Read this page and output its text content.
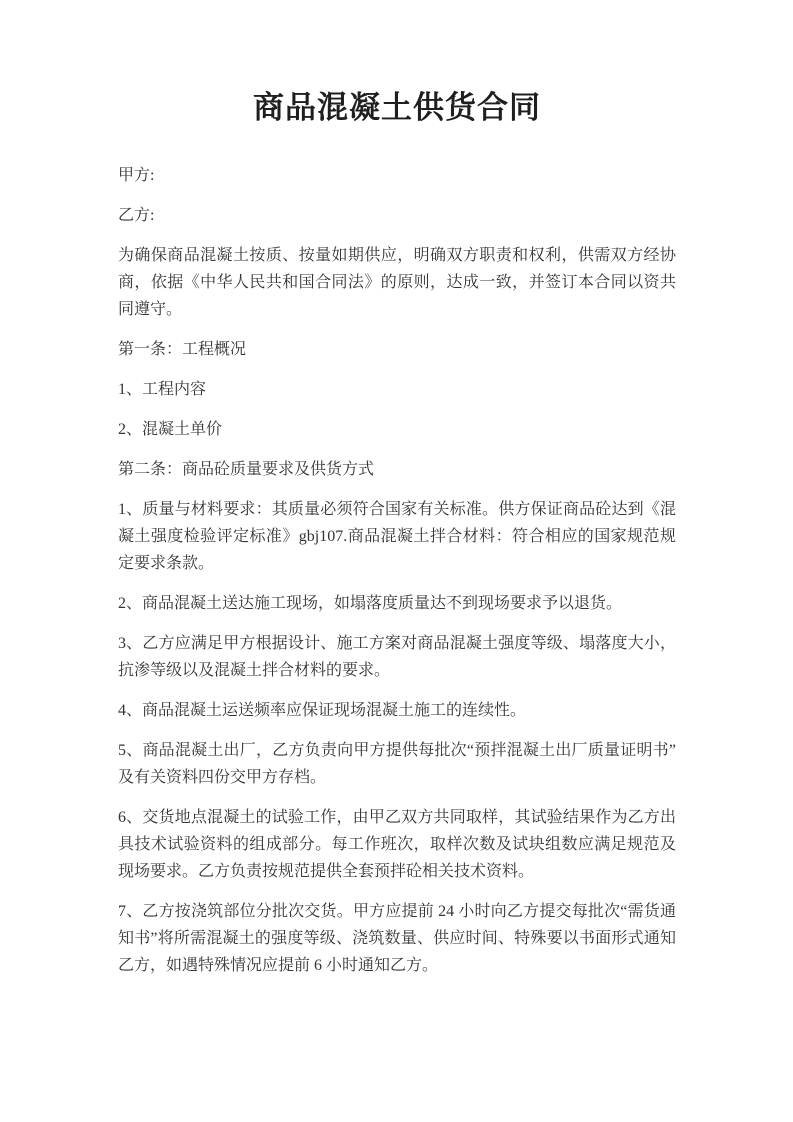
商品混凝土供货合同

甲方:

乙方:

为确保商品混凝土按质、按量如期供应，明确双方职责和权利，供需双方经协商，依据《中华人民共和国合同法》的原则，达成一致，并签订本合同以资共同遵守。

第一条：工程概况

1、工程内容

2、混凝土单价

第二条：商品砼质量要求及供货方式

1、质量与材料要求：其质量必须符合国家有关标准。供方保证商品砼达到《混凝土强度检验评定标准》gbj107.商品混凝土拌合材料：符合相应的国家规范规定要求条款。

2、商品混凝土送达施工现场，如塌落度质量达不到现场要求予以退货。

3、乙方应满足甲方根据设计、施工方案对商品混凝土强度等级、塌落度大小，抗渗等级以及混凝土拌合材料的要求。

4、商品混凝土运送频率应保证现场混凝土施工的连续性。

5、商品混凝土出厂，乙方负责向甲方提供每批次“预拌混凝土出厂质量证明书”及有关资料四份交甲方存档。

6、交货地点混凝土的试验工作，由甲乙双方共同取样，其试验结果作为乙方出具技术试验资料的组成部分。每工作班次，取样次数及试块组数应满足规范及现场要求。乙方负责按规范提供全套预拌砼相关技术资料。

7、乙方按浇筑部位分批次交货。甲方应提前 24 小时向乙方提交每批次“需货通知书”将所需混凝土的强度等级、浇筑数量、供应时间、特殊要以书面形式通知乙方，如遇特殊情况应提前 6 小时通知乙方。
